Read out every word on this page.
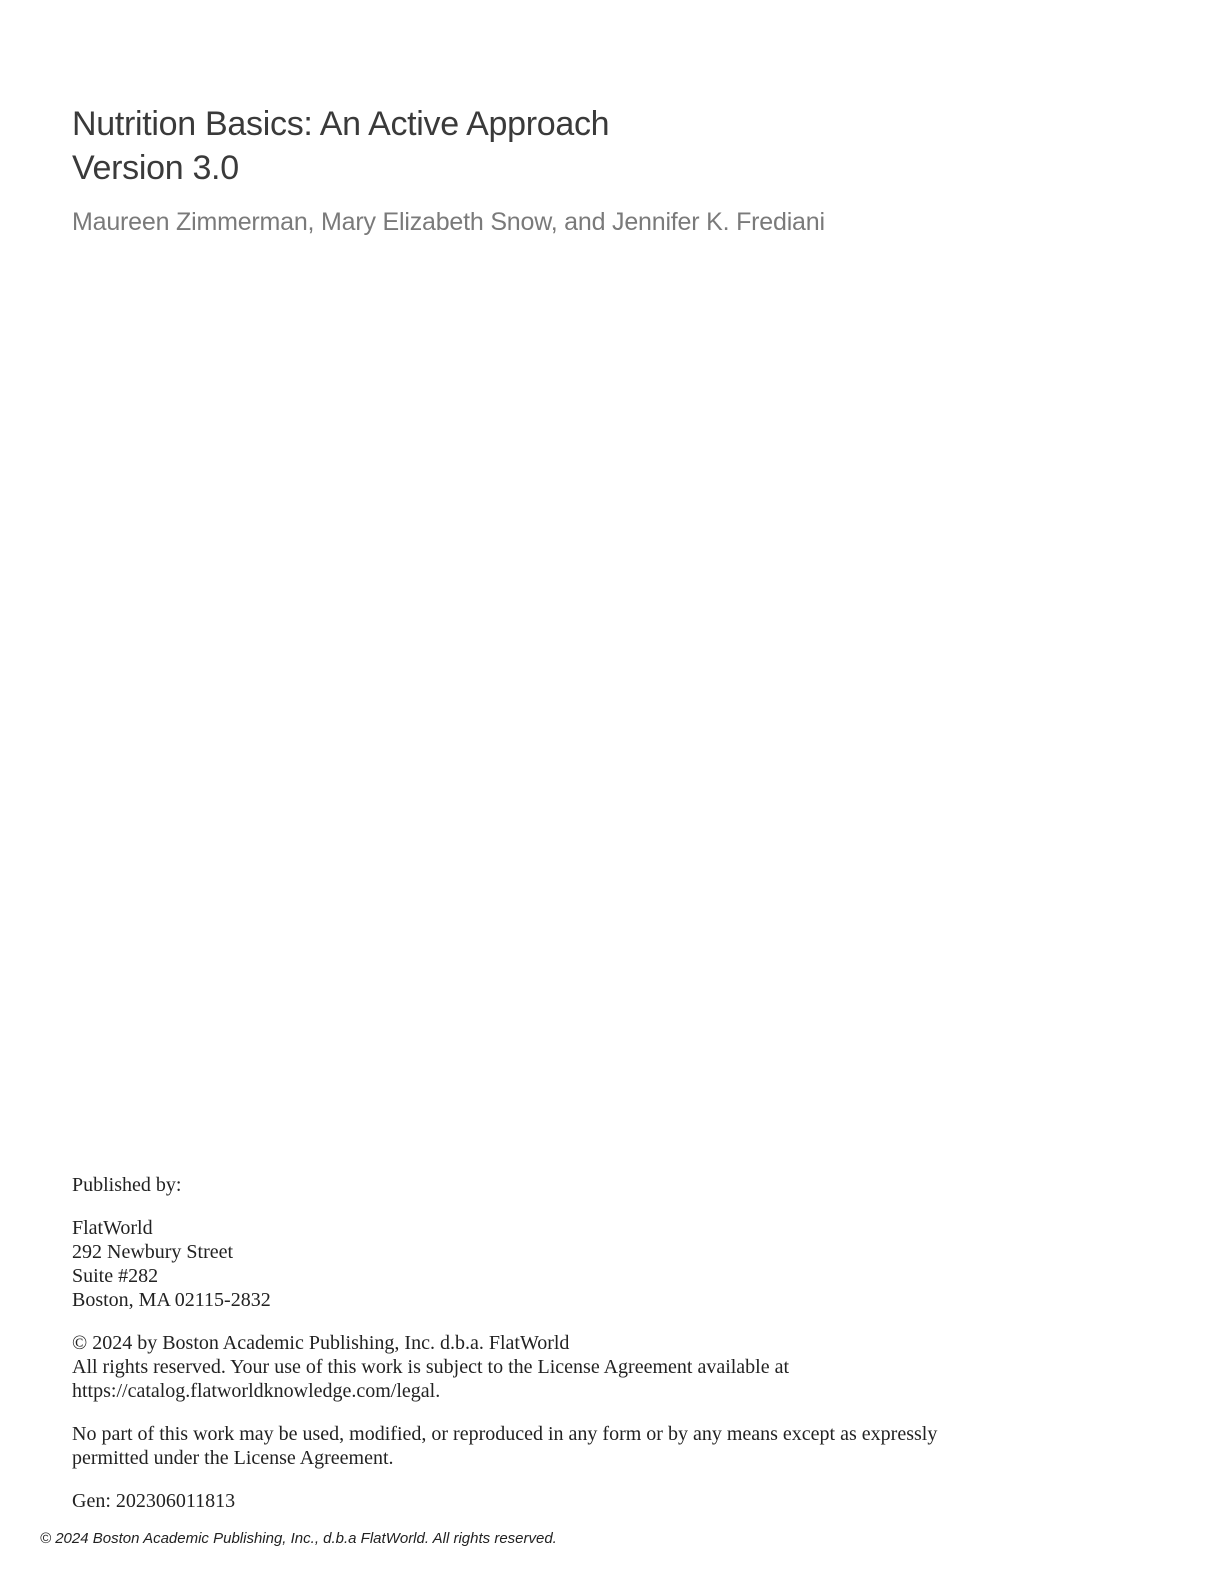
Nutrition Basics: An Active Approach
Version 3.0
Maureen Zimmerman, Mary Elizabeth Snow, and Jennifer K. Frediani

Published by:

FlatWorld
292 Newbury Street
Suite #282
Boston, MA 02115-2832

© 2024 by Boston Academic Publishing, Inc. d.b.a. FlatWorld
All rights reserved. Your use of this work is subject to the License Agreement available at
https://catalog.flatworldknowledge.com/legal.

No part of this work may be used, modified, or reproduced in any form or by any means except as expressly
permitted under the License Agreement.

Gen: 202306011813

© 2024 Boston Academic Publishing, Inc., d.b.a FlatWorld. All rights reserved.
